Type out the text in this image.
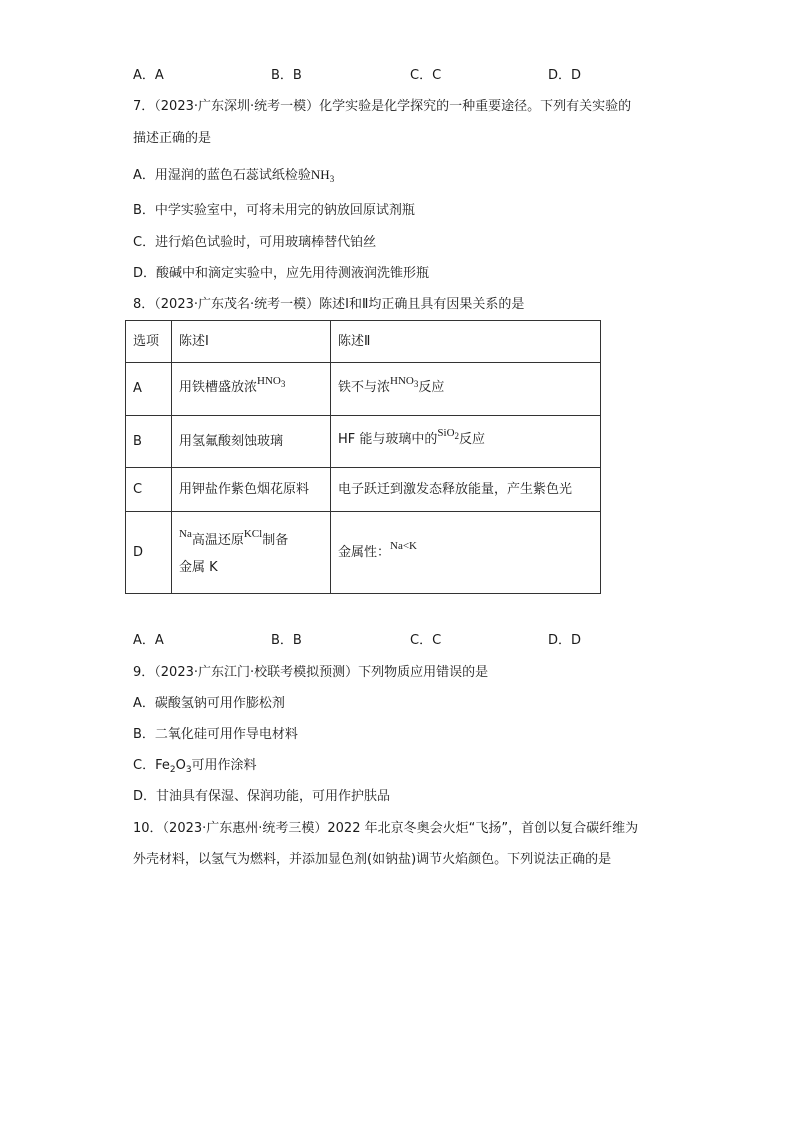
A．A	B．B	C．C	D．D
7．（2023·广东深圳·统考一模）化学实验是化学探究的一种重要途径。下列有关实验的
描述正确的是
A．用湿润的蓝色石蕊试纸检验$NH_3$
B．中学实验室中，可将未用完的钠放回原试剂瓶
C．进行焰色试验时，可用玻璃棒替代铂丝
D．酸碱中和滴定实验中，应先用待测液润洗锥形瓶
8．（2023·广东茂名·统考一模）陈述Ⅰ和Ⅱ均正确且具有因果关系的是
选项	陈述Ⅰ	陈述Ⅱ
A	用铁槽盛放浓$^{HNO_3}$	铁不与浓$^{HNO_3}$反应
B	用氢氟酸刻蚀玻璃	HF 能与玻璃中的$^{SiO_2}$反应
C	用钾盐作紫色烟花原料	电子跃迁到激发态释放能量，产生紫色光
D	$^{Na}$高温还原$^{KCl}$制备
金属 K	金属性：$^{Na<K}$
A．A	B．B	C．C	D．D
9．（2023·广东江门·校联考模拟预测）下列物质应用错误的是
A．碳酸氢钠可用作膨松剂
B．二氧化硅可用作导电材料
C．$Fe_2O_3$可用作涂料
D．甘油具有保湿、保润功能，可用作护肤品
10．（2023·广东惠州·统考三模）2022 年北京冬奥会火炬“飞扬”，首创以复合碳纤维为
外壳材料，以氢气为燃料，并添加显色剂(如钠盐)调节火焰颜色。下列说法正确的是
